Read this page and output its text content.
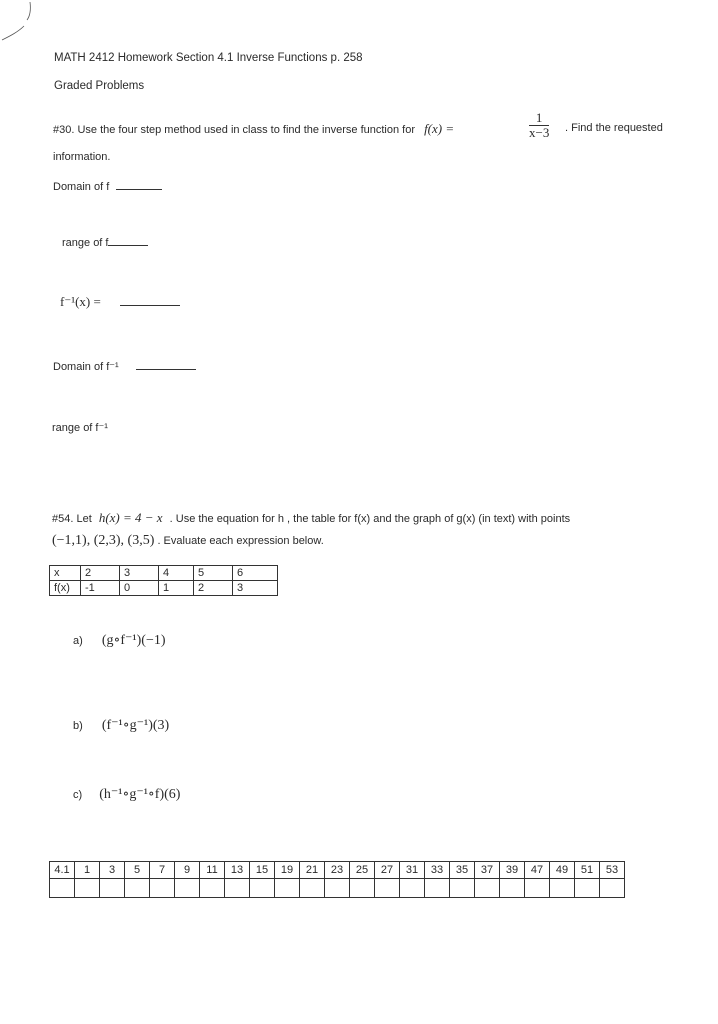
MATH 2412 Homework Section 4.1 Inverse Functions p. 258
Graded Problems
#30. Use the four step method used in class to find the inverse function for f(x) =	$\frac{1}{x-3}$ . Find the requested
information.
Domain of f
range of f
f⁻¹(x) =
Domain of f⁻¹
range of f⁻¹
#54. Let h(x) = 4 − x . Use the equation for h , the table for f(x) and the graph of g(x) (in text) with points
(−1,1), (2,3), (3,5) . Evaluate each expression below.
x	2	3	4	5	6
f(x)	-1	0	1	2	3
a) (g∘f⁻¹)(−1)
b) (f⁻¹∘g⁻¹)(3)
c) (h⁻¹∘g⁻¹∘f)(6)
4.1	1	3	5	7	9	11	13	15	19	21	23	25	27	31	33	35	37	39	47	49	51	53
